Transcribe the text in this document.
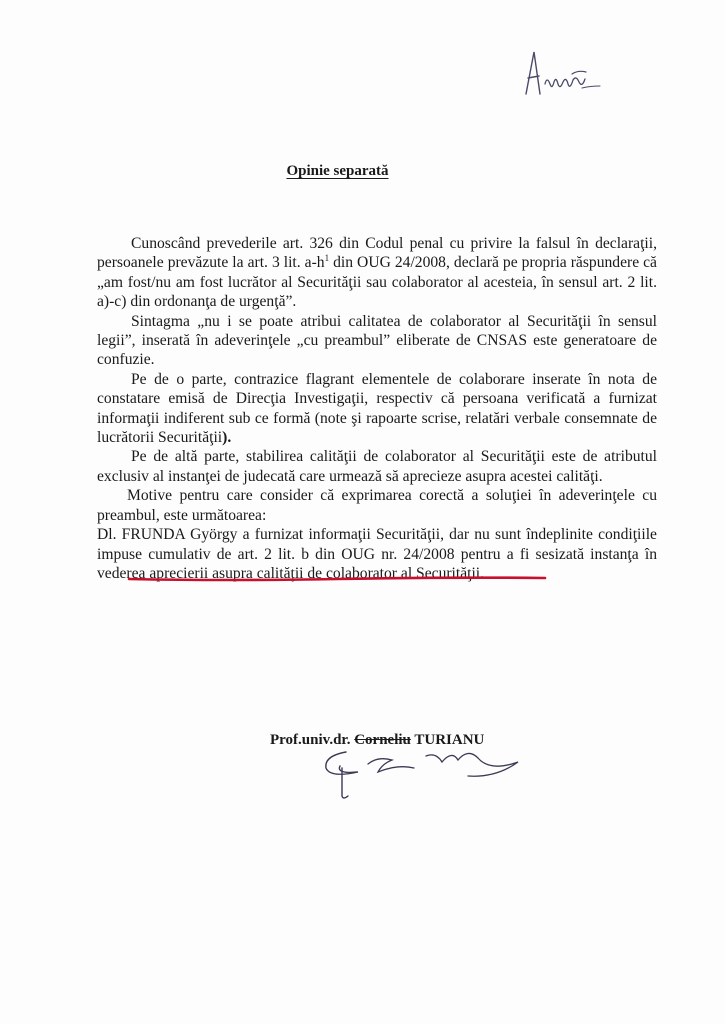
Opinie separată

Cunoscând prevederile art. 326 din Codul penal cu privire la falsul în declaraţii, persoanele prevăzute la art. 3 lit. $a-h^1$ din OUG 24/2008, declară pe propria răspundere că „am fost/nu am fost lucrător al Securităţii sau colaborator al acesteia, în sensul art. 2 lit. a)-c) din ordonanţa de urgenţă”.

Sintagma „nu i se poate atribui calitatea de colaborator al Securităţii în sensul legii”, inserată în adeverinţele „cu preambul” eliberate de CNSAS este generatoare de confuzie.

Pe de o parte, contrazice flagrant elementele de colaborare inserate în nota de constatare emisă de Direcţia Investigaţii, respectiv că persoana verificată a furnizat informaţii indiferent sub ce formă (note şi rapoarte scrise, relatări verbale consemnate de lucrătorii Securităţii).

Pe de altă parte, stabilirea calităţii de colaborator al Securităţii este de atributul exclusiv al instanţei de judecată care urmează să aprecieze asupra acestei calităţi.

Motive pentru care consider că exprimarea corectă a soluţiei în adeverinţele cu preambul, este următoarea:

Dl. FRUNDA György a furnizat informaţii Securităţii, dar nu sunt îndeplinite condiţiile impuse cumulativ de art. 2 lit. b din OUG nr. 24/2008 pentru a fi sesizată instanţa în vederea aprecierii asupra calităţii de colaborator al Securităţii.

Prof.univ.dr. Corneliu TURIANU
